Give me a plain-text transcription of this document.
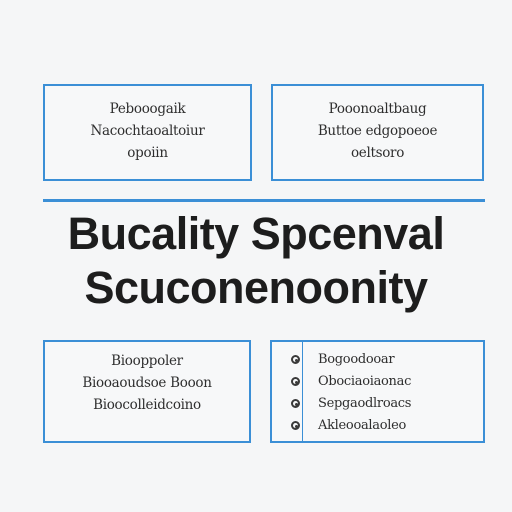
Pebooogaik
Nacochtaoaltoiur
opoiin
Pooonoaltbaug
Buttoe edgopoeoe
oeltsoro
Bucality Spcenval
Scuconenoonity
Biooppoler
Biooaoudsoe Booon
Bioocolleidcoino
Bogoodooar
Obociaoiaonac
Sepgaodlroacs
Akleooalaoleo
